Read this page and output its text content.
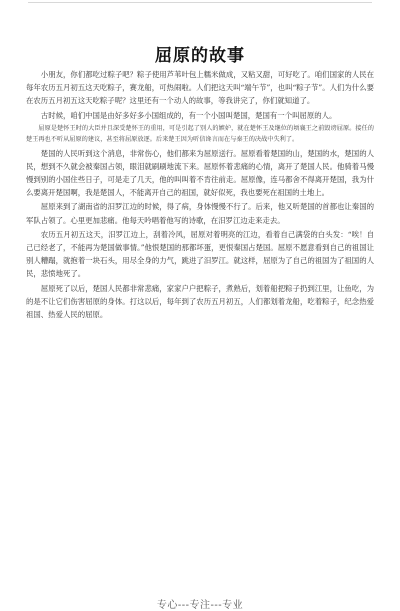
屈原的故事

小朋友，你们都吃过粽子吧？粽子使用芦苇叶包上糯米做成，又粘又甜，可好吃了。咱们国家的人民在每年农历五月初五这天吃粽子，赛龙船，可热闹啦。人们把这天叫“端午节”，也叫“粽子节”。人们为什么要在农历五月初五这天吃粽子呢？这里还有一个动人的故事，等我讲完了，你们就知道了。

古时候，咱们中国是由好多好多小国组成的，有一个小国叫楚国，楚国有一个叫屈原的人。

屈原是楚怀王时的大臣并且深受楚怀王的重用，可是引起了别人的嫉妒，就在楚怀王及继位的顷襄王之前毁谤屈原。接任的楚王再也不听从屈原的建议，甚至将屈原放逐。后来楚王因为听信谗言而在与秦王的决战中失利了。

楚国的人民听到这个消息，非常伤心，他们都来为屈原送行。屈原看着楚国的山，楚国的水，楚国的人民，想到不久就会被秦国占领，眼泪就刷刷地流下来。屈原怀着悲痛的心情，离开了楚国人民。他骑着马慢慢到别的小国住些日子，可是走了几天，他的叫叫着不肯往前走。屈原像，连马都舍不得离开楚国，我为什么要离开楚国啊，我是楚国人，不能离开自己的祖国，就好似死，我也要死在祖国的土地上。

屈原来到了湖南省的汨罗江边的时候，得了病，身体慢慢不行了。后来，他又听楚国的首都也让秦国的军队占领了。心里更加悲痛。他每天吟唱着他写的诗歌，在汨罗江边走来走去。

农历五月初五这天，汨罗江边上，刮着冷风，屈原对着明亮的江边，看着自己满袋的白头发：“唉！自己已经老了，不能再为楚国做事情。”他恨楚国的那都坏蛋，更恨秦国占楚国。屈原不愿意看到自己的祖国让别人糟蹋，就抱着一块石头，用尽全身的力气，跳进了汨罗江。就这样，屈原为了自己的祖国为了祖国的人民，悲愤地死了。

屈原死了以后，楚国人民都非常悲痛，家家户户把粽子，煮熟后，划着船把粽子扔到江里，让鱼吃，为的是不让它们伤害屈原的身体。打这以后，每年到了农历五月初五，人们都划着龙船，吃着粽子，纪念热爱祖国、热爱人民的屈原。

专心---专注---专业
